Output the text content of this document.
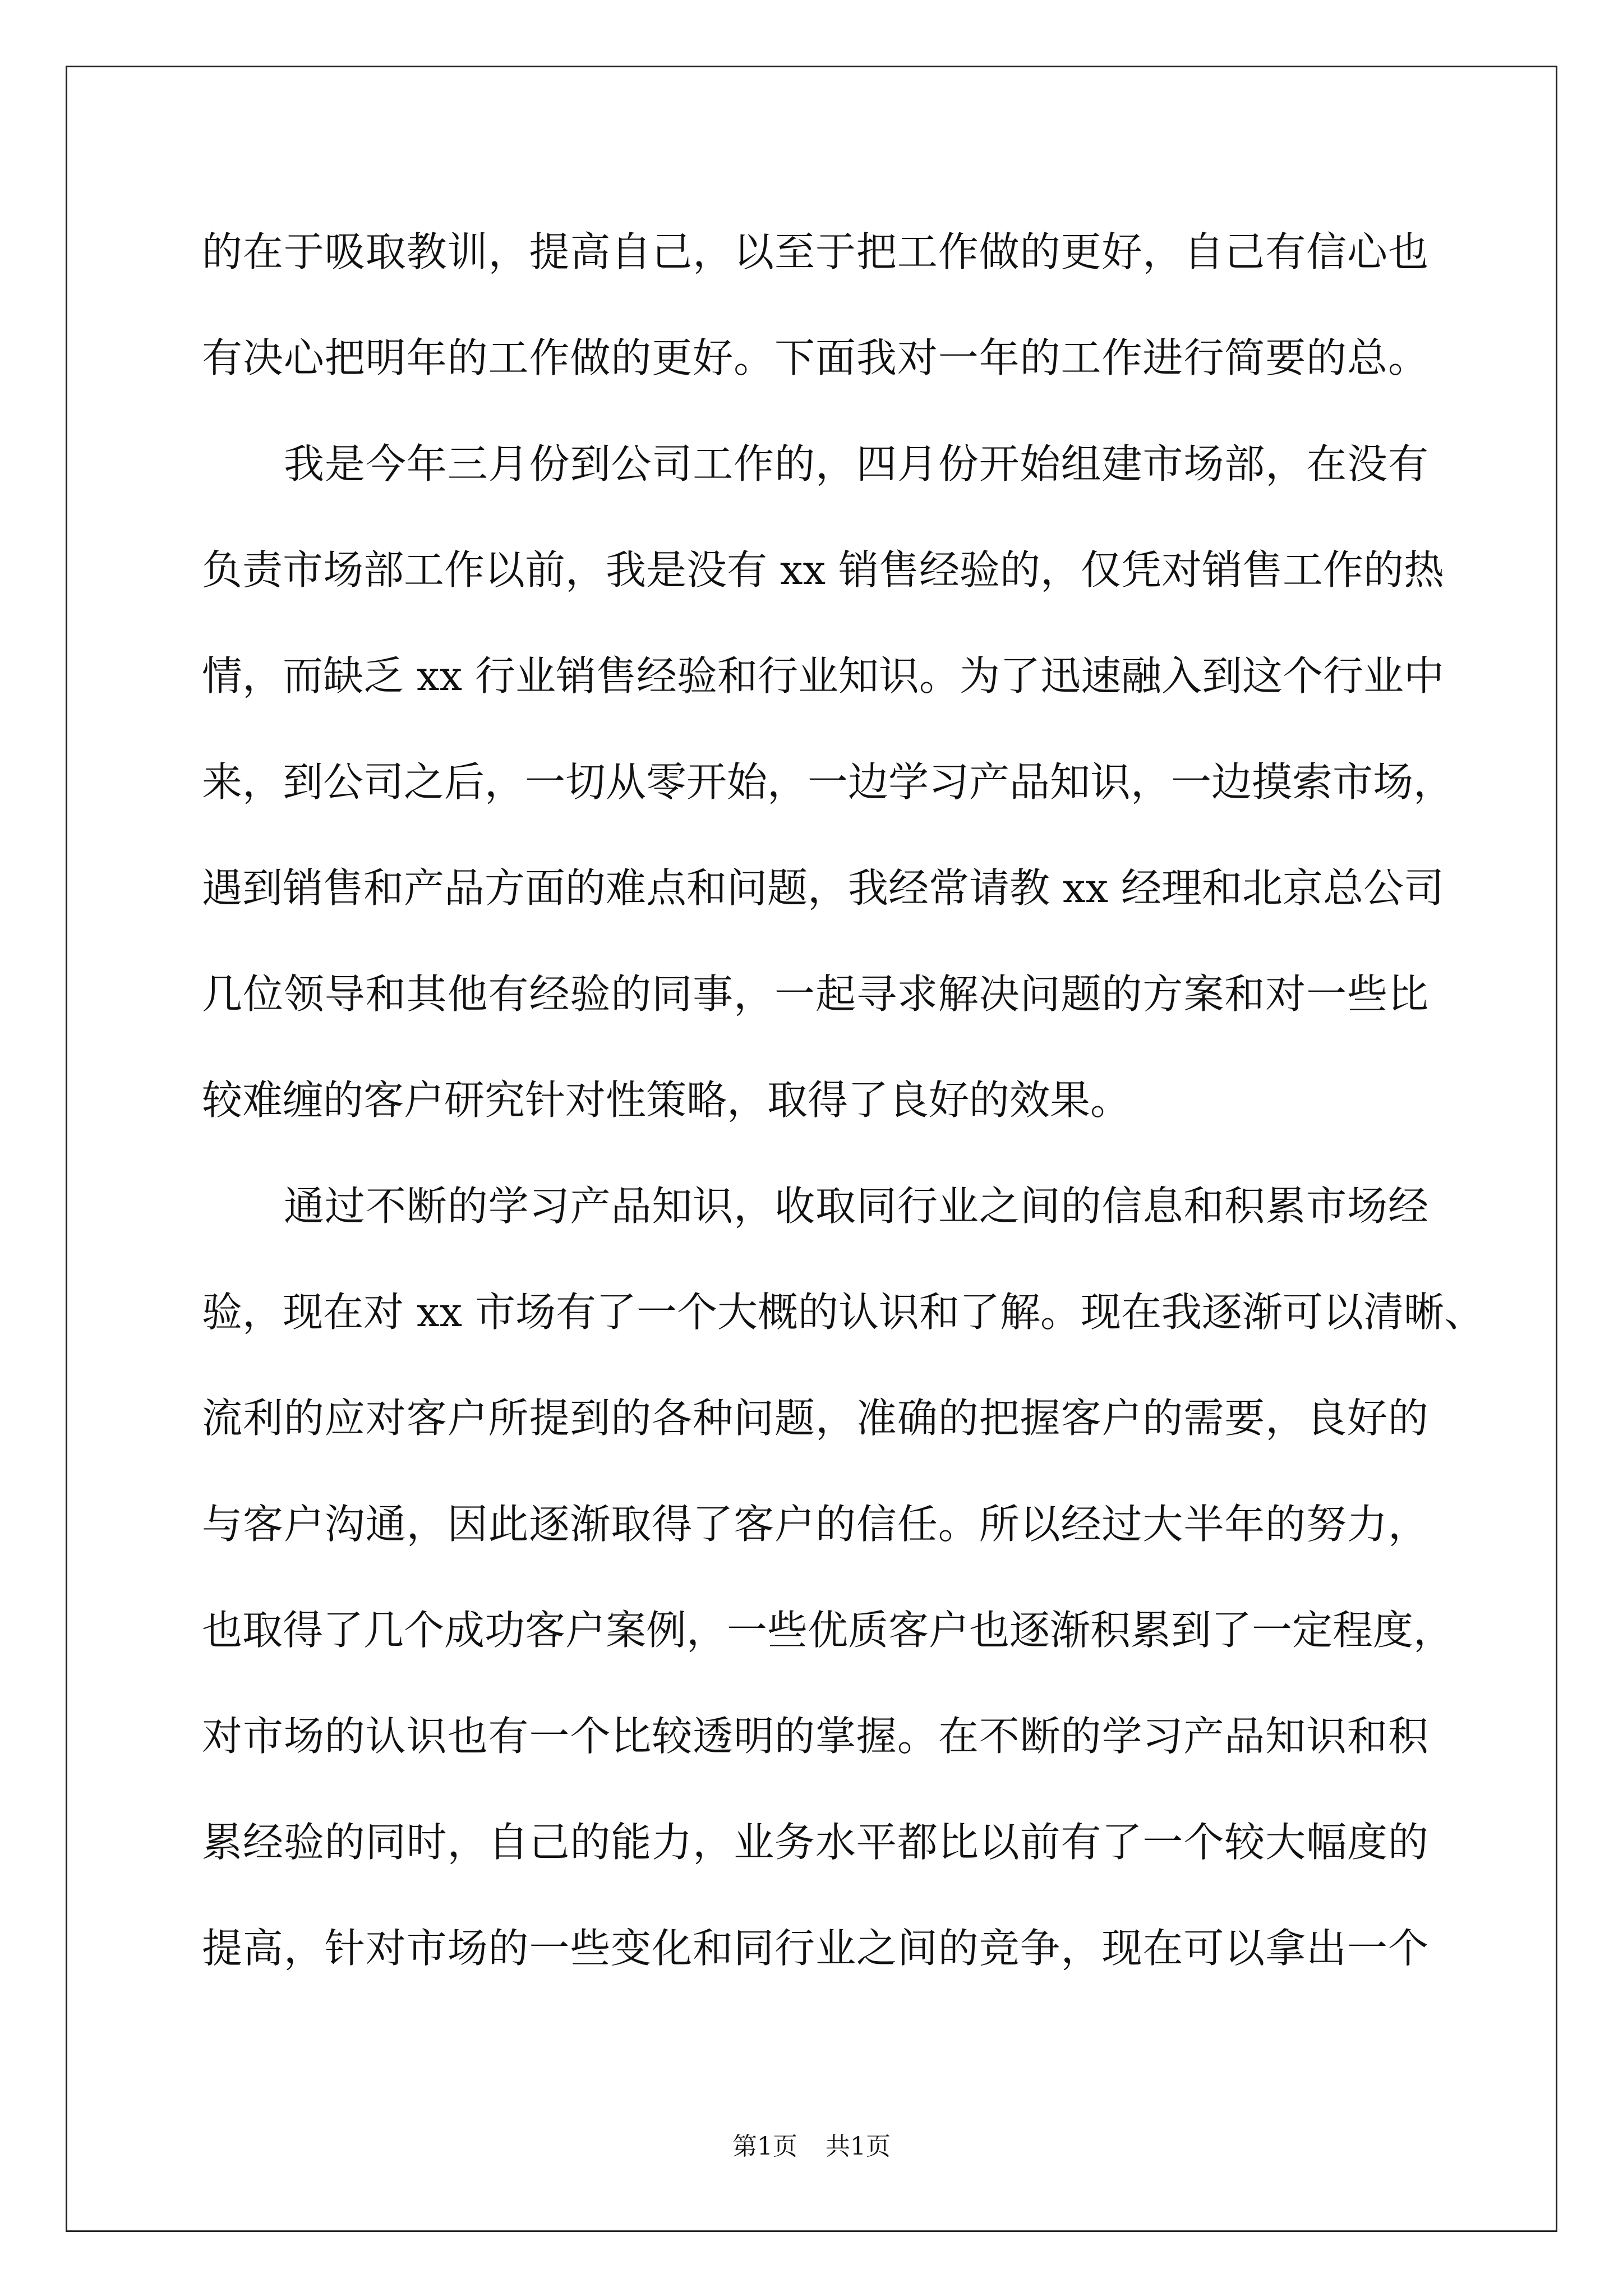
的在于吸取教训，提高自己，以至于把工作做的更好，自己有信心也
有决心把明年的工作做的更好。下面我对一年的工作进行简要的总。
我是今年三月份到公司工作的，四月份开始组建市场部，在没有
负责市场部工作以前，我是没有 xx 销售经验的，仅凭对销售工作的热
情，而缺乏 xx 行业销售经验和行业知识。为了迅速融入到这个行业中
来，到公司之后，一切从零开始，一边学习产品知识，一边摸索市场，
遇到销售和产品方面的难点和问题，我经常请教 xx 经理和北京总公司
几位领导和其他有经验的同事，一起寻求解决问题的方案和对一些比
较难缠的客户研究针对性策略，取得了良好的效果。
通过不断的学习产品知识，收取同行业之间的信息和积累市场经
验，现在对 xx 市场有了一个大概的认识和了解。现在我逐渐可以清晰、
流利的应对客户所提到的各种问题，准确的把握客户的需要，良好的
与客户沟通，因此逐渐取得了客户的信任。所以经过大半年的努力，
也取得了几个成功客户案例，一些优质客户也逐渐积累到了一定程度，
对市场的认识也有一个比较透明的掌握。在不断的学习产品知识和积
累经验的同时，自己的能力，业务水平都比以前有了一个较大幅度的
提高，针对市场的一些变化和同行业之间的竞争，现在可以拿出一个
第1页 共1页
